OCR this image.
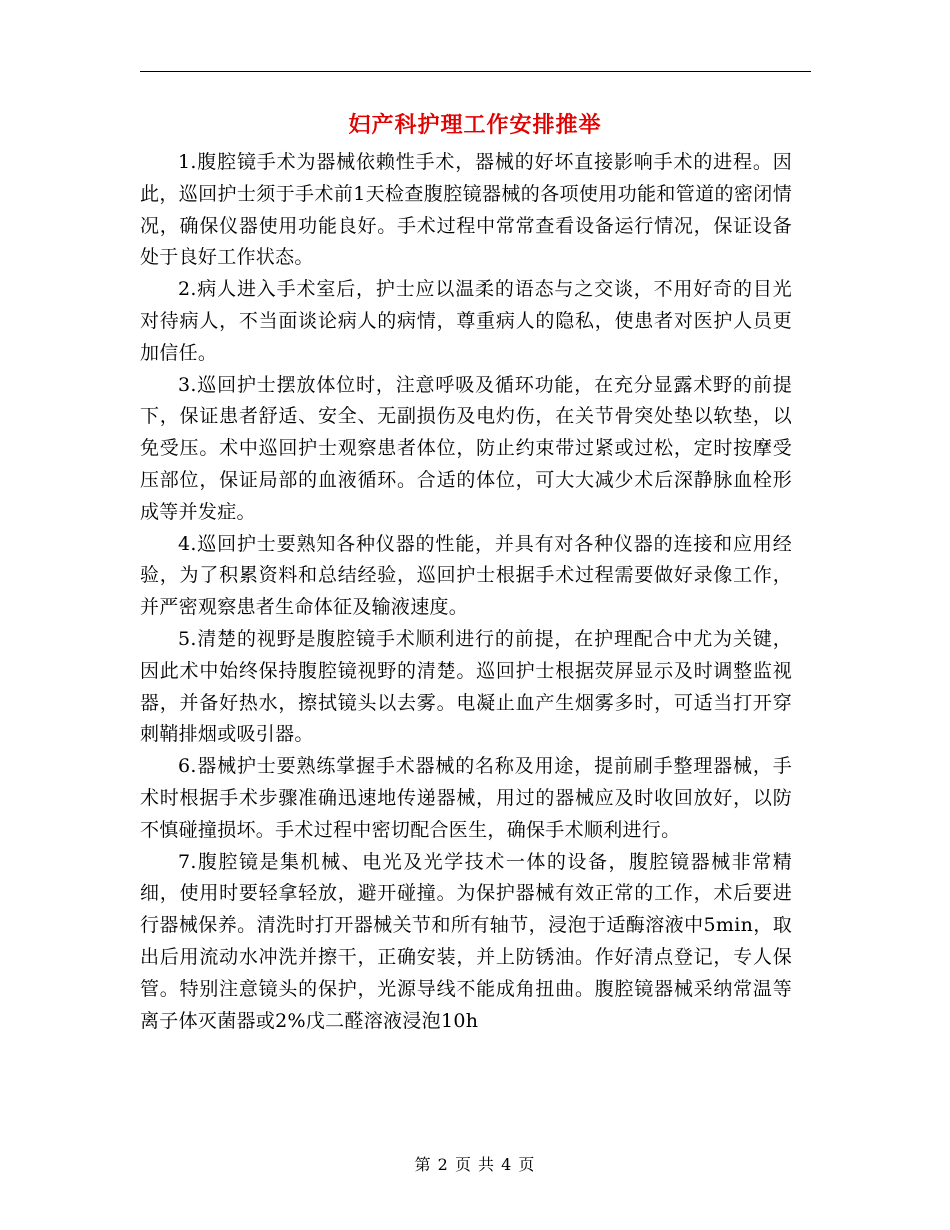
妇产科护理工作安排推举

1.腹腔镜手术为器械依赖性手术，器械的好坏直接影响手术的进程。因此，巡回护士须于手术前1天检查腹腔镜器械的各项使用功能和管道的密闭情况，确保仪器使用功能良好。手术过程中常常查看设备运行情况，保证设备处于良好工作状态。

2.病人进入手术室后，护士应以温柔的语态与之交谈，不用好奇的目光对待病人，不当面谈论病人的病情，尊重病人的隐私，使患者对医护人员更加信任。

3.巡回护士摆放体位时，注意呼吸及循环功能，在充分显露术野的前提下，保证患者舒适、安全、无副损伤及电灼伤，在关节骨突处垫以软垫，以免受压。术中巡回护士观察患者体位，防止约束带过紧或过松，定时按摩受压部位，保证局部的血液循环。合适的体位，可大大减少术后深静脉血栓形成等并发症。

4.巡回护士要熟知各种仪器的性能，并具有对各种仪器的连接和应用经验，为了积累资料和总结经验，巡回护士根据手术过程需要做好录像工作，并严密观察患者生命体征及输液速度。

5.清楚的视野是腹腔镜手术顺利进行的前提，在护理配合中尤为关键，因此术中始终保持腹腔镜视野的清楚。巡回护士根据荧屏显示及时调整监视器，并备好热水，擦拭镜头以去雾。电凝止血产生烟雾多时，可适当打开穿刺鞘排烟或吸引器。

6.器械护士要熟练掌握手术器械的名称及用途，提前刷手整理器械，手术时根据手术步骤准确迅速地传递器械，用过的器械应及时收回放好，以防不慎碰撞损坏。手术过程中密切配合医生，确保手术顺利进行。

7.腹腔镜是集机械、电光及光学技术一体的设备，腹腔镜器械非常精细，使用时要轻拿轻放，避开碰撞。为保护器械有效正常的工作，术后要进行器械保养。清洗时打开器械关节和所有轴节，浸泡于适酶溶液中5min，取出后用流动水冲洗并擦干，正确安装，并上防锈油。作好清点登记，专人保管。特别注意镜头的保护，光源导线不能成角扭曲。腹腔镜器械采纳常温等离子体灭菌器或2%戊二醛溶液浸泡10h

第 2 页 共 4 页
